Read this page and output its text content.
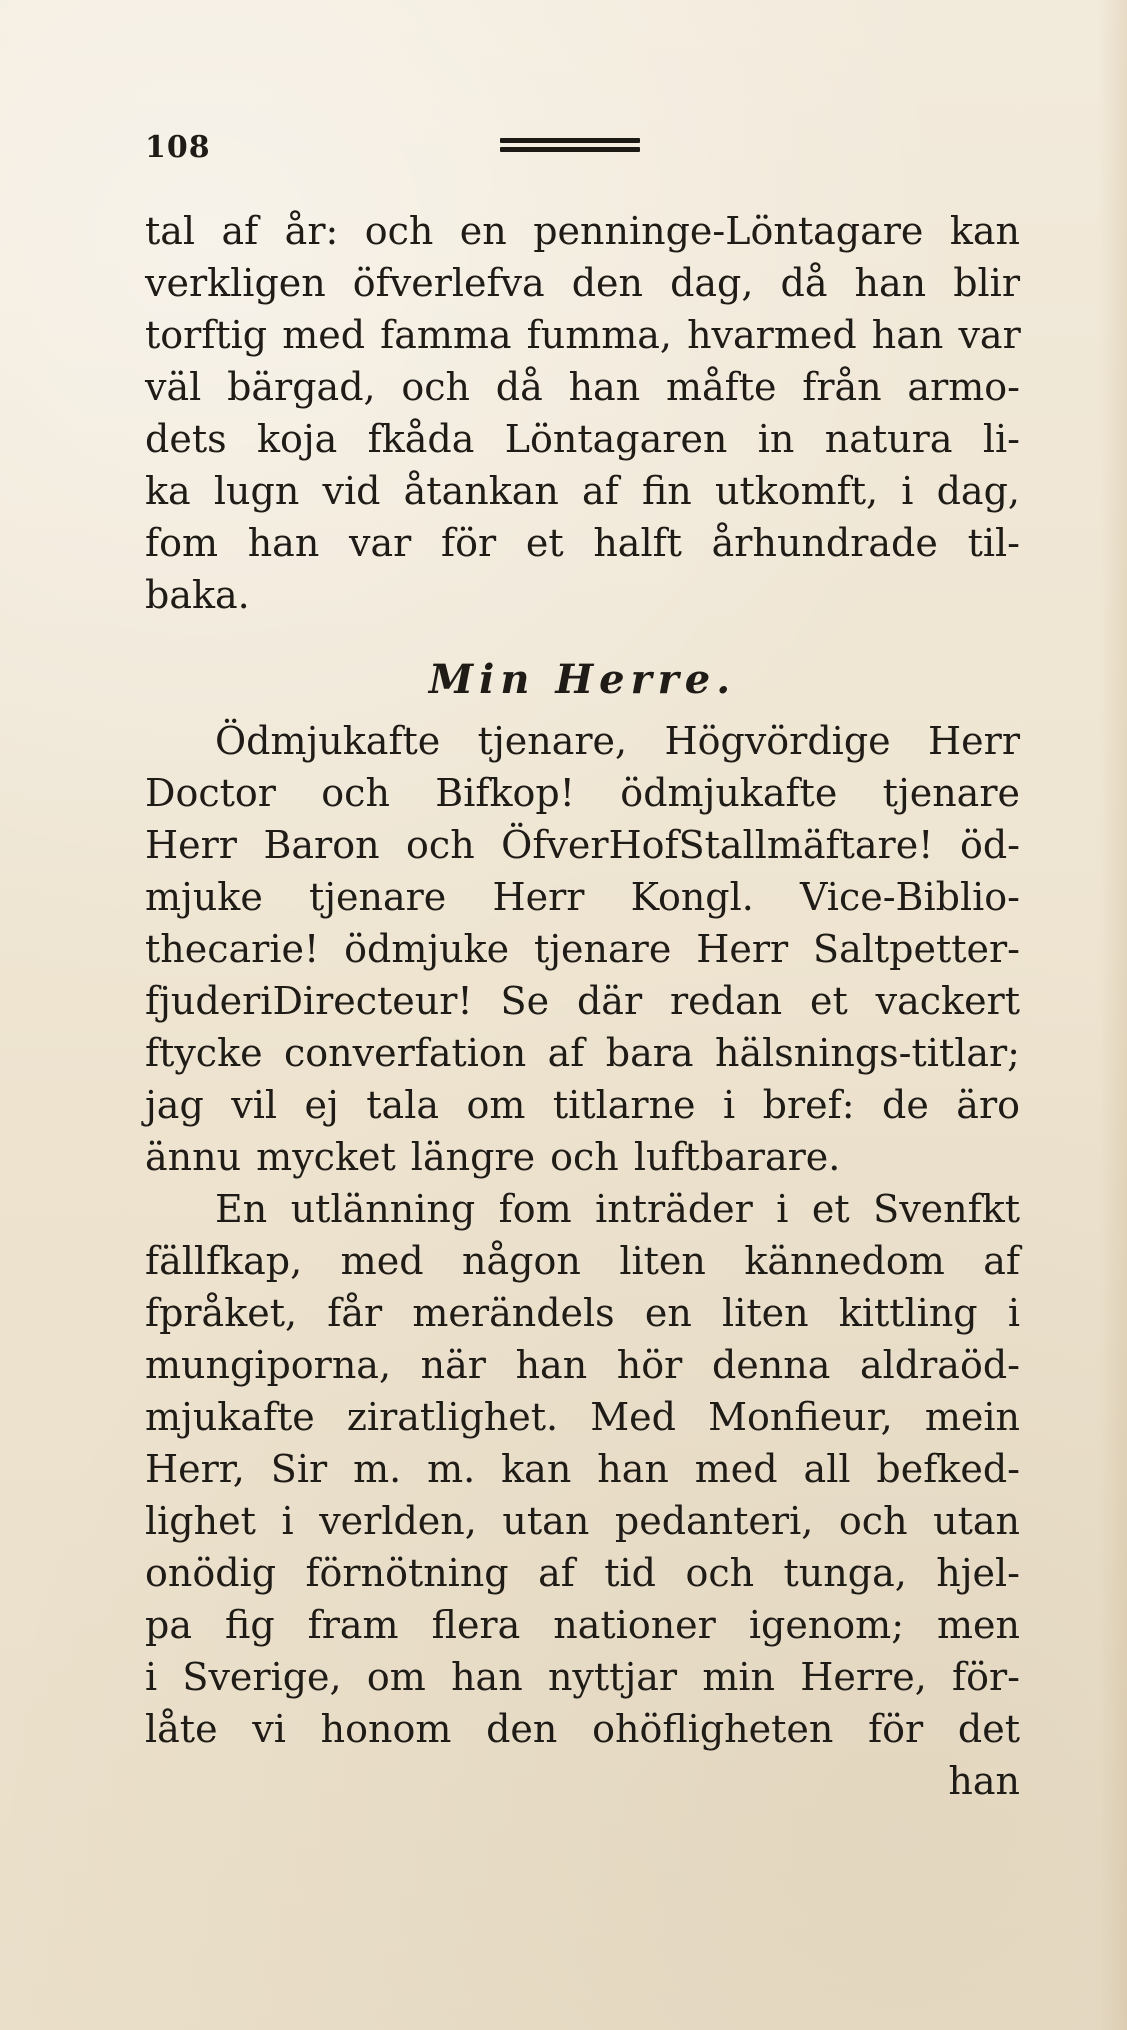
108
tal af år: och en penninge-Löntagare kan
verkligen öfverlefva den dag, då han blir
torftig med famma fumma, hvarmed han var
väl bärgad, och då han måfte från armo-
dets koja fkåda Löntagaren in natura li-
ka lugn vid åtankan af fin utkomft, i dag,
fom han var för et halft århundrade til-
baka.
Min Herre.
Ödmjukafte tjenare, Högvördige Herr
Doctor och Bifkop! ödmjukafte tjenare
Herr Baron och ÖfverHofStallmäftare! öd-
mjuke tjenare Herr Kongl. Vice-Biblio-
thecarie! ödmjuke tjenare Herr Saltpetter-
fjuderiDirecteur! Se där redan et vackert
ftycke converfation af bara hälsnings-titlar;
jag vil ej tala om titlarne i bref: de äro
ännu mycket längre och luftbarare.
En utlänning fom inträder i et Svenfkt
fällfkap, med någon liten kännedom af
fpråket, får merändels en liten kittling i
mungiporna, när han hör denna aldraöd-
mjukafte ziratlighet. Med Monfieur, mein
Herr, Sir m. m. kan han med all befked-
lighet i verlden, utan pedanteri, och utan
onödig förnötning af tid och tunga, hjel-
pa fig fram flera nationer igenom; men
i Sverige, om han nyttjar min Herre, för-
låte vi honom den ohöfligheten för det
han
